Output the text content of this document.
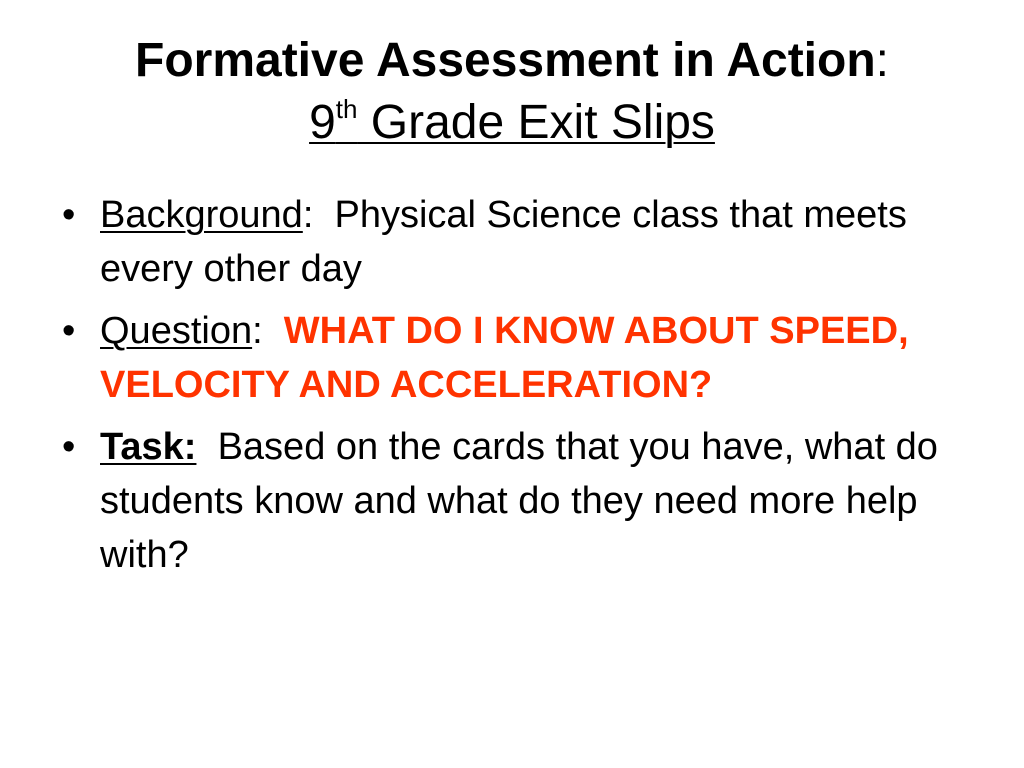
Formative Assessment in Action:
9th Grade Exit Slips
• Background:  Physical Science class that meets every other day
• Question:  WHAT DO I KNOW ABOUT SPEED, VELOCITY AND ACCELERATION?
• Task: Based on the cards that you have, what do students know and what do they need more help with?
